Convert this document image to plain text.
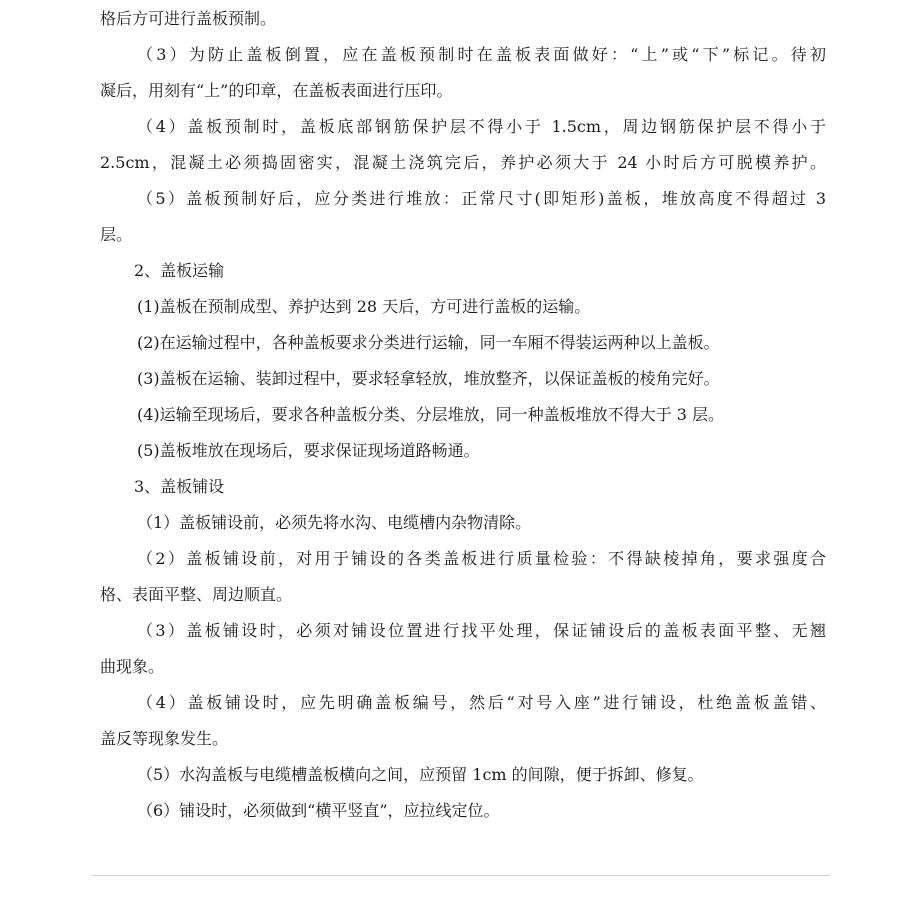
格后方可进行盖板预制。
（3）为防止盖板倒置，应在盖板预制时在盖板表面做好：“上”或“下”标记。待初
凝后，用刻有“上”的印章，在盖板表面进行压印。
（4）盖板预制时，盖板底部钢筋保护层不得小于 1.5cm，周边钢筋保护层不得小于
2.5cm，混凝土必须捣固密实，混凝土浇筑完后，养护必须大于 24 小时后方可脱模养护。
（5）盖板预制好后，应分类进行堆放：正常尺寸(即矩形)盖板，堆放高度不得超过 3
层。
2、盖板运输
(1)盖板在预制成型、养护达到 28 天后，方可进行盖板的运输。
(2)在运输过程中，各种盖板要求分类进行运输，同一车厢不得装运两种以上盖板。
(3)盖板在运输、装卸过程中，要求轻拿轻放，堆放整齐，以保证盖板的棱角完好。
(4)运输至现场后，要求各种盖板分类、分层堆放，同一种盖板堆放不得大于 3 层。
(5)盖板堆放在现场后，要求保证现场道路畅通。
3、盖板铺设
（1）盖板铺设前，必须先将水沟、电缆槽内杂物清除。
（2）盖板铺设前，对用于铺设的各类盖板进行质量检验：不得缺棱掉角，要求强度合
格、表面平整、周边顺直。
（3）盖板铺设时，必须对铺设位置进行找平处理，保证铺设后的盖板表面平整、无翘
曲现象。
（4）盖板铺设时，应先明确盖板编号，然后“对号入座”进行铺设，杜绝盖板盖错、
盖反等现象发生。
（5）水沟盖板与电缆槽盖板横向之间，应预留 1cm 的间隙，便于拆卸、修复。
（6）铺设时，必须做到“横平竖直”，应拉线定位。
